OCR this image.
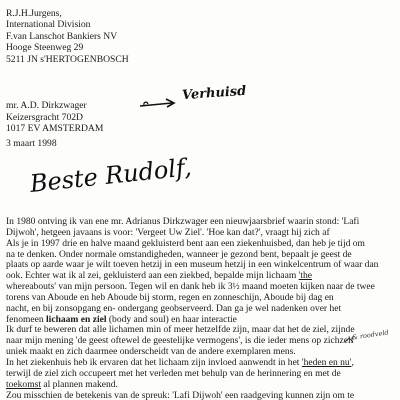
R.J.H.Jurgens,
International Division
F.van Lanschot Bankiers NV
Hooge Steenweg 29
5211 JN s'HERTOGENBOSCH
mr. A.D. Dirkzwager
Keizersgracht 702D
1017 EV AMSTERDAM
Verhuisd
3 maart 1998
Beste Rudolf,
In 1980 ontving ik van ene mr. Adrianus Dirkzwager een nieuwjaarsbrief waarin stond: 'Lafi
Dijwoh', hetgeen javaans is voor: 'Vergeet Uw Ziel'. 'Hoe kan dat?', vraagt hij zich af
Als je in 1997 drie en halve maand gekluisterd bent aan een ziekenhuisbed, dan heb je tijd om
na te denken. Onder normale omstandigheden, wanneer je gezond bent, bepaalt je geest de
plaats op aarde waar je wilt toeven hetzij in een museum hetzij in een winkelcentrum of waar dan
ook. Echter wat ik al zei, gekluisterd aan een ziekbed, bepalde mijn lichaam 'the
whereabouts' van mijn persoon. Tegen wil en dank heb ik 3½ maand moeten kijken naar de twee
torens van Aboude en heb Aboude bij storm, regen en zonneschijn, Aboude bij dag en
nacht, en bij zonsopgang en- ondergang geobserveerd. Dan ga je wel nadenken over het
fenomeen lichaam en ziel (body and soul) en haar interactie
Ik durf te beweren dat alle lichamen min of meer hetzelfde zijn, maar dat het de ziel, zijnde
naar mijn mening 'de geest oftewel de geestelijke vermogens', is die ieder mens op zichzelf
uniek maakt en zich daarmee onderscheidt van de andere exemplaren mens.
In het ziekenhuis heb ik ervaren dat het lichaam zijn invloed aanwendt in het 'heden en nu',
terwijl de ziel zich occupeert met het verleden met behulp van de herinnering en met de
toekomst al plannen makend.
Zou misschien de betekenis van de spreuk: 'Lafi Dijwoh' een raadgeving kunnen zijn om te
& roodveld
